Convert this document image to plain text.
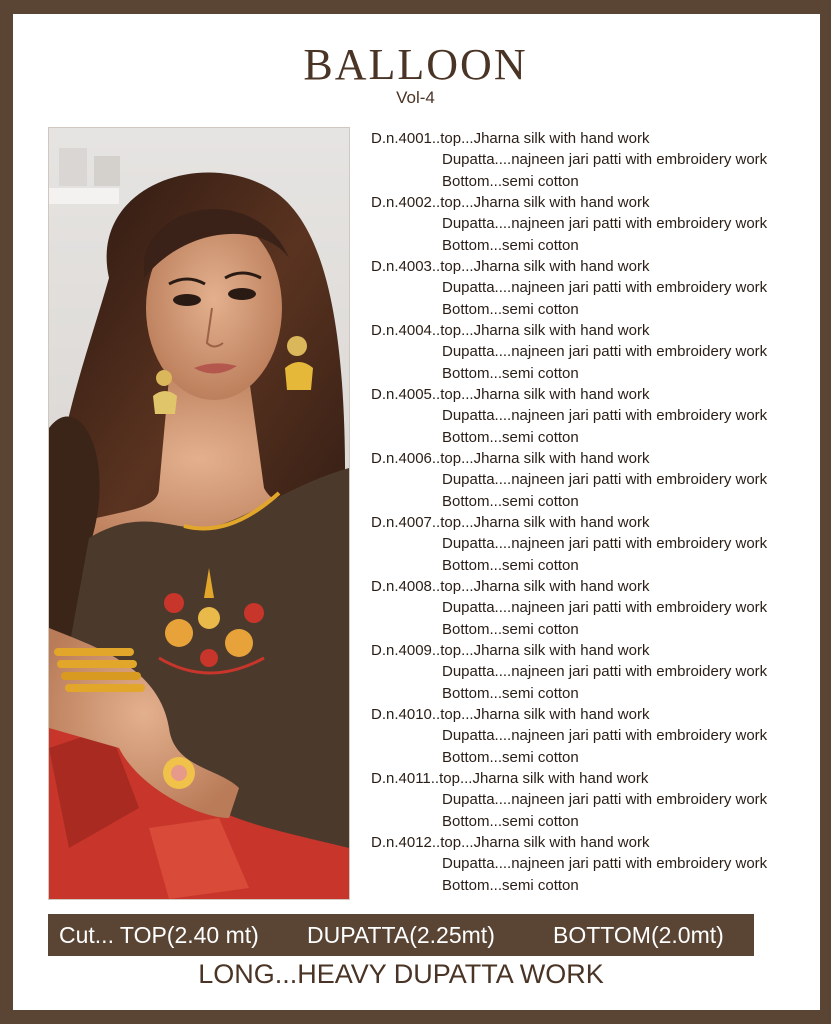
BALLOON
Vol-4
D.n.4001..top...Jharna silk with hand work
Dupatta....najneen jari patti with embroidery work
Bottom...semi cotton
D.n.4002..top...Jharna silk with hand work
Dupatta....najneen jari patti with embroidery work
Bottom...semi cotton
D.n.4003..top...Jharna silk with hand work
Dupatta....najneen jari patti with embroidery work
Bottom...semi cotton
D.n.4004..top...Jharna silk with hand work
Dupatta....najneen jari patti with embroidery work
Bottom...semi cotton
D.n.4005..top...Jharna silk with hand work
Dupatta....najneen jari patti with embroidery work
Bottom...semi cotton
D.n.4006..top...Jharna silk with hand work
Dupatta....najneen jari patti with embroidery work
Bottom...semi cotton
D.n.4007..top...Jharna silk with hand work
Dupatta....najneen jari patti with embroidery work
Bottom...semi cotton
D.n.4008..top...Jharna silk with hand work
Dupatta....najneen jari patti with embroidery work
Bottom...semi cotton
D.n.4009..top...Jharna silk with hand work
Dupatta....najneen jari patti with embroidery work
Bottom...semi cotton
D.n.4010..top...Jharna silk with hand work
Dupatta....najneen jari patti with embroidery work
Bottom...semi cotton
D.n.4011..top...Jharna silk with hand work
Dupatta....najneen jari patti with embroidery work
Bottom...semi cotton
D.n.4012..top...Jharna silk with hand work
Dupatta....najneen jari patti with embroidery work
Bottom...semi cotton
Cut... TOP(2.40 mt) DUPATTA(2.25mt)	BOTTOM(2.0mt)
LONG...HEAVY DUPATTA WORK
